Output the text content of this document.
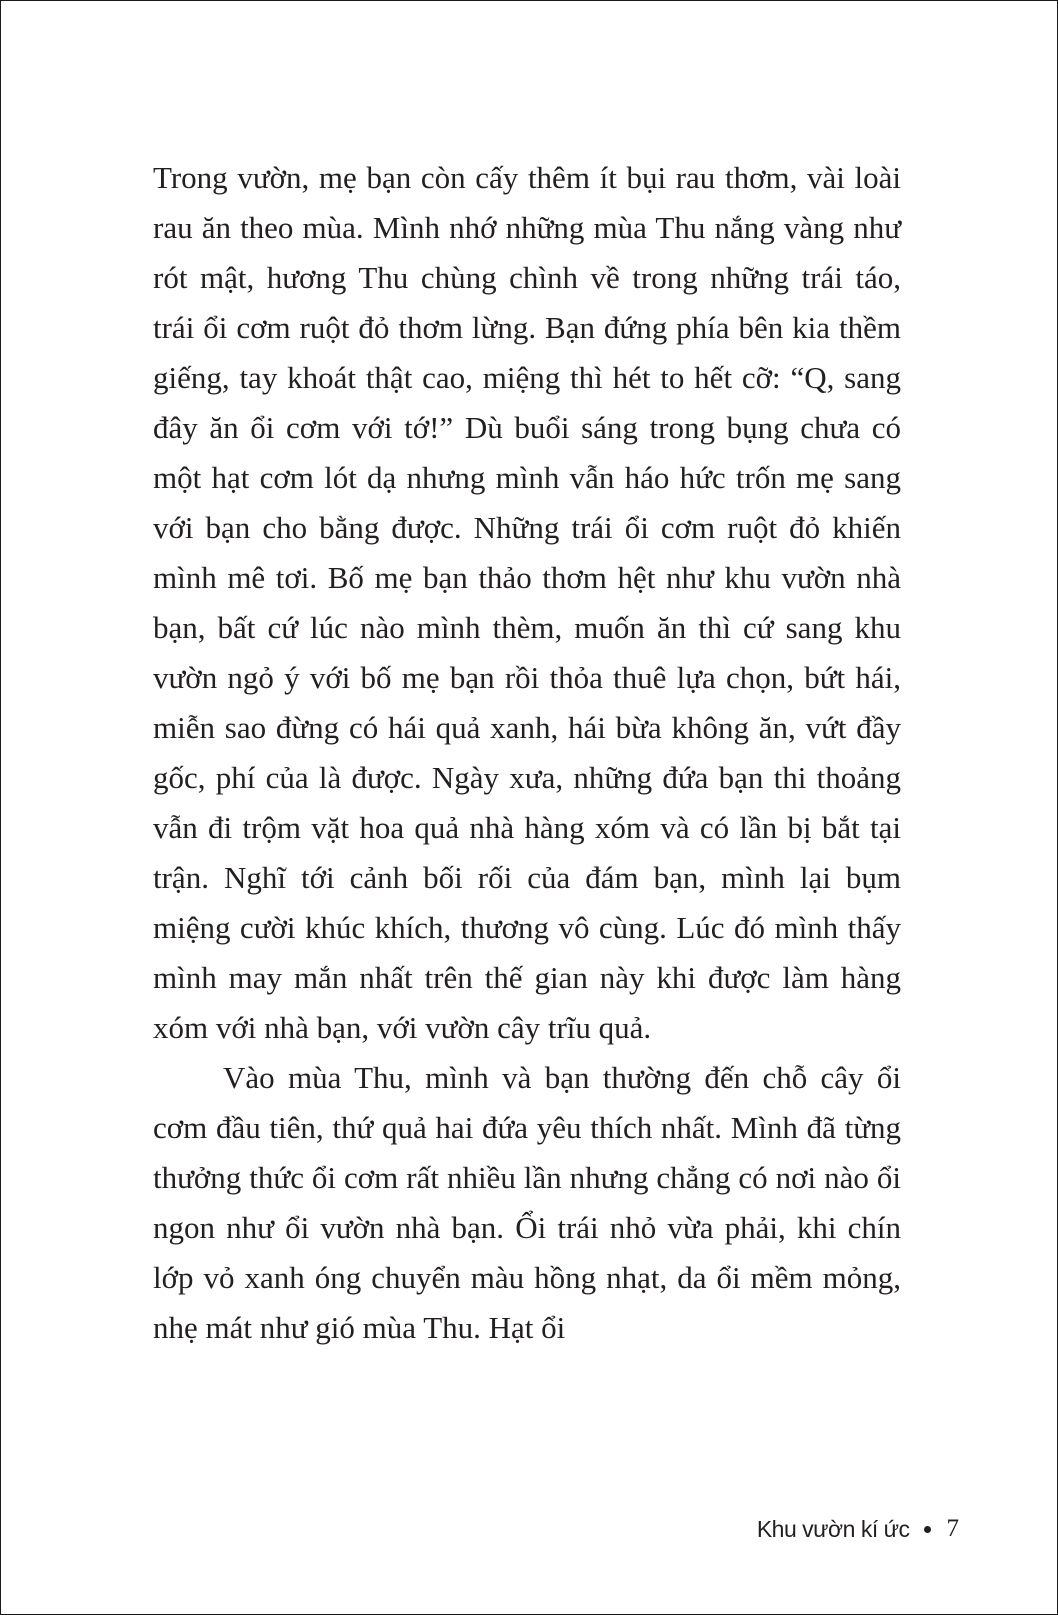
Trong vườn, mẹ bạn còn cấy thêm ít bụi rau thơm, vài loài rau ăn theo mùa. Mình nhớ những mùa Thu nắng vàng như rót mật, hương Thu chùng chình về trong những trái táo, trái ổi cơm ruột đỏ thơm lừng. Bạn đứng phía bên kia thềm giếng, tay khoát thật cao, miệng thì hét to hết cỡ: “Q, sang đây ăn ổi cơm với tớ!” Dù buổi sáng trong bụng chưa có một hạt cơm lót dạ nhưng mình vẫn háo hức trốn mẹ sang với bạn cho bằng được. Những trái ổi cơm ruột đỏ khiến mình mê tơi. Bố mẹ bạn thảo thơm hệt như khu vườn nhà bạn, bất cứ lúc nào mình thèm, muốn ăn thì cứ sang khu vườn ngỏ ý với bố mẹ bạn rồi thỏa thuê lựa chọn, bứt hái, miễn sao đừng có hái quả xanh, hái bừa không ăn, vứt đầy gốc, phí của là được. Ngày xưa, những đứa bạn thi thoảng vẫn đi trộm vặt hoa quả nhà hàng xóm và có lần bị bắt tại trận. Nghĩ tới cảnh bối rối của đám bạn, mình lại bụm miệng cười khúc khích, thương vô cùng. Lúc đó mình thấy mình may mắn nhất trên thế gian này khi được làm hàng xóm với nhà bạn, với vườn cây trĩu quả.

Vào mùa Thu, mình và bạn thường đến chỗ cây ổi cơm đầu tiên, thứ quả hai đứa yêu thích nhất. Mình đã từng thưởng thức ổi cơm rất nhiều lần nhưng chẳng có nơi nào ổi ngon như ổi vườn nhà bạn. Ổi trái nhỏ vừa phải, khi chín lớp vỏ xanh óng chuyển màu hồng nhạt, da ổi mềm mỏng, nhẹ mát như gió mùa Thu. Hạt ổi

Khu vườn kí ức 7
